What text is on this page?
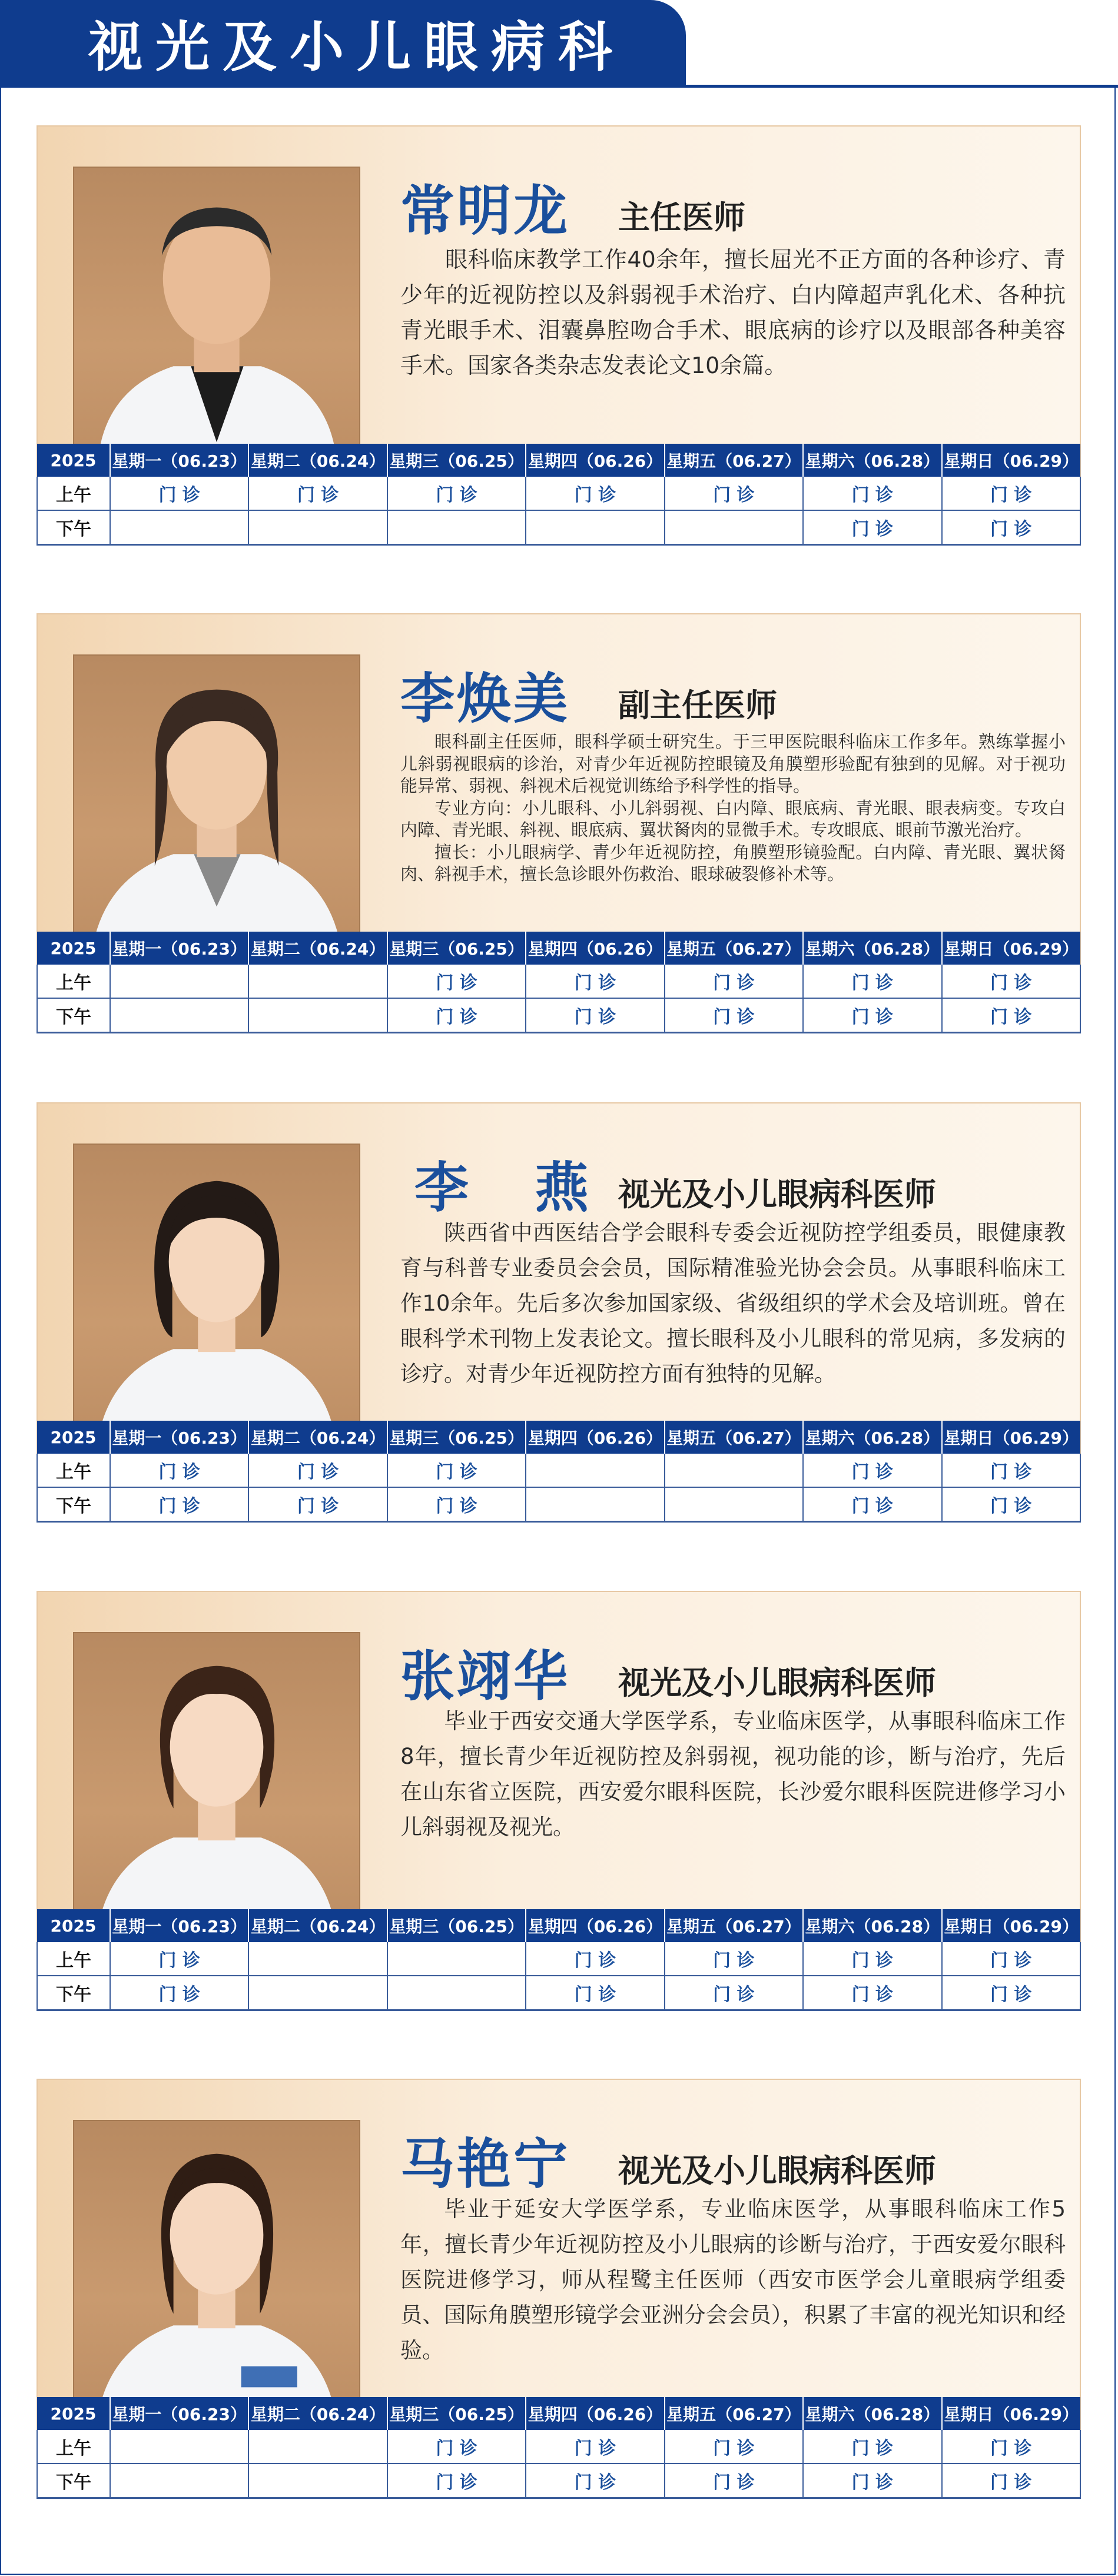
视光及小儿眼病科
常明龙 主任医师

眼科临床教学工作40余年，擅长屈光不正方面的各种诊疗、青少年的近视防控以及斜弱视手术治疗、白内障超声乳化术、各种抗青光眼手术、泪囊鼻腔吻合手术、眼底病的诊疗以及眼部各种美容手术。国家各类杂志发表论文10余篇。

2025	星期一（06.23）	星期二（06.24）	星期三（06.25）	星期四（06.26）	星期五（06.27）	星期六（06.28）	星期日（06.29）
上午	门 诊	门 诊	门 诊	门 诊	门 诊	门 诊	门 诊
下午						门 诊	门 诊
李焕美 副主任医师

眼科副主任医师，眼科学硕士研究生。于三甲医院眼科临床工作多年。熟练掌握小儿斜弱视眼病的诊治，对青少年近视防控眼镜及角膜塑形验配有独到的见解。对于视功能异常、弱视、斜视术后视觉训练给予科学性的指导。

专业方向：小儿眼科、小儿斜弱视、白内障、眼底病、青光眼、眼表病变。专攻白内障、青光眼、斜视、眼底病、翼状胬肉的显微手术。专攻眼底、眼前节激光治疗。

擅长：小儿眼病学、青少年近视防控，角膜塑形镜验配。白内障、青光眼、翼状胬肉、斜视手术，擅长急诊眼外伤救治、眼球破裂修补术等。

2025	星期一（06.23）	星期二（06.24）	星期三（06.25）	星期四（06.26）	星期五（06.27）	星期六（06.28）	星期日（06.29）
上午			门 诊	门 诊	门 诊	门 诊	门 诊
下午			门 诊	门 诊	门 诊	门 诊	门 诊
李 燕 视光及小儿眼病科医师

陕西省中西医结合学会眼科专委会近视防控学组委员，眼健康教育与科普专业委员会会员，国际精准验光协会会员。从事眼科临床工作10余年。先后多次参加国家级、省级组织的学术会及培训班。曾在眼科学术刊物上发表论文。擅长眼科及小儿眼科的常见病，多发病的诊疗。对青少年近视防控方面有独特的见解。

2025	星期一（06.23）	星期二（06.24）	星期三（06.25）	星期四（06.26）	星期五（06.27）	星期六（06.28）	星期日（06.29）
上午	门 诊	门 诊	门 诊			门 诊	门 诊
下午	门 诊	门 诊	门 诊			门 诊	门 诊
张翊华 视光及小儿眼病科医师

毕业于西安交通大学医学系，专业临床医学，从事眼科临床工作8年，擅长青少年近视防控及斜弱视，视功能的诊，断与治疗，先后在山东省立医院，西安爱尔眼科医院，长沙爱尔眼科医院进修学习小儿斜弱视及视光。

2025	星期一（06.23）	星期二（06.24）	星期三（06.25）	星期四（06.26）	星期五（06.27）	星期六（06.28）	星期日（06.29）
上午	门 诊			门 诊	门 诊	门 诊	门 诊
下午	门 诊			门 诊	门 诊	门 诊	门 诊
马艳宁 视光及小儿眼病科医师

毕业于延安大学医学系，专业临床医学，从事眼科临床工作5年，擅长青少年近视防控及小儿眼病的诊断与治疗，于西安爱尔眼科医院进修学习，师从程鹭主任医师（西安市医学会儿童眼病学组委员、国际角膜塑形镜学会亚洲分会会员），积累了丰富的视光知识和经验。

2025	星期一（06.23）	星期二（06.24）	星期三（06.25）	星期四（06.26）	星期五（06.27）	星期六（06.28）	星期日（06.29）
上午			门 诊	门 诊	门 诊	门 诊	门 诊
下午			门 诊	门 诊	门 诊	门 诊	门 诊
